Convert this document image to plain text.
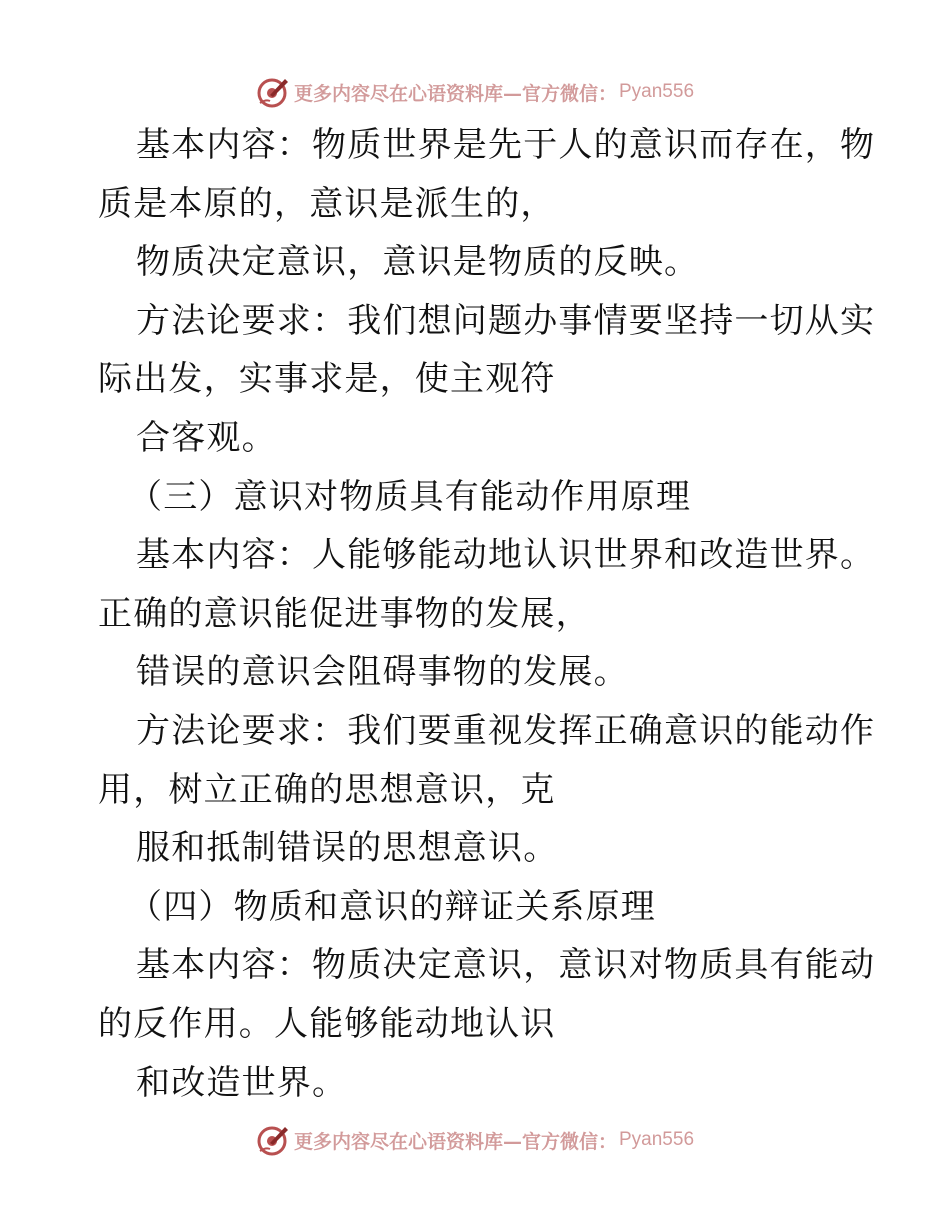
更多内容尽在心语资料库—官方微信： Pyan556
基本内容：物质世界是先于人的意识而存在，物
质是本原的，意识是派生的，
物质决定意识，意识是物质的反映。
方法论要求：我们想问题办事情要坚持一切从实
际出发，实事求是，使主观符
合客观。
（三）意识对物质具有能动作用原理
基本内容：人能够能动地认识世界和改造世界。
正确的意识能促进事物的发展，
错误的意识会阻碍事物的发展。
方法论要求：我们要重视发挥正确意识的能动作
用，树立正确的思想意识，克
服和抵制错误的思想意识。
（四）物质和意识的辩证关系原理
基本内容：物质决定意识，意识对物质具有能动
的反作用。人能够能动地认识
和改造世界。
更多内容尽在心语资料库—官方微信： Pyan556
